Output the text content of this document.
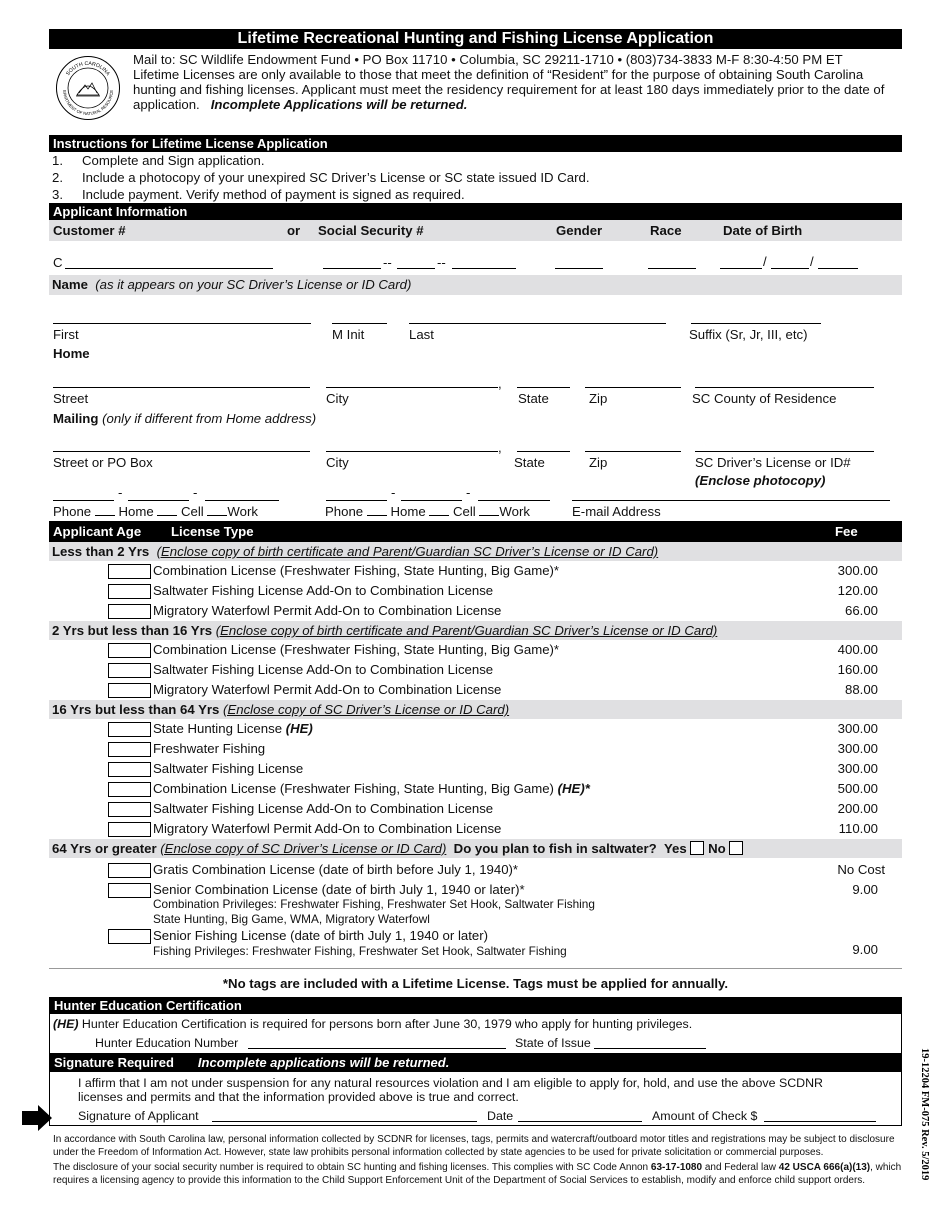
Lifetime Recreational Hunting and Fishing License Application
SOUTH CAROLINA
EPARTMENT OF NATURAL RESOURCE
Mail to: SC Wildlife Endowment Fund • PO Box 11710 • Columbia, SC 29211-1710 • (803)734-3833 M-F 8:30-4:50 PM ET
Lifetime Licenses are only available to those that meet the definition of “Resident” for the purpose of obtaining South Carolina hunting and fishing licenses. Applicant must meet the residency requirement for at least 180 days immediately prior to the date of application. Incomplete Applications will be returned.
Instructions for Lifetime License Application
1. Complete and Sign application.
2. Include a photocopy of your unexpired SC Driver’s License or SC state issued ID Card.
3. Include payment. Verify method of payment is signed as required.
Applicant Information
Customer #	or Social Security #	Gender	Race	Date of Birth
C	--	--	/	/
Name (as it appears on your SC Driver’s License or ID Card)
First	M Init	Last	Suffix (Sr, Jr, III, etc)
Home
,
Street	City	State	Zip	SC County of Residence
Mailing (only if different from Home address)
,
Street or PO Box	City	State	Zip	SC Driver’s License or ID#
(Enclose photocopy)
-	-	-	-
Phone Home Cell Work	Phone Home Cell Work	E-mail Address
Applicant Age License Type	Fee
Less than 2 Yrs (Enclose copy of birth certificate and Parent/Guardian SC Driver’s License or ID Card)
Combination License (Freshwater Fishing, State Hunting, Big Game)*	300.00
Saltwater Fishing License Add-On to Combination License	120.00
Migratory Waterfowl Permit Add-On to Combination License	66.00
2 Yrs but less than 16 Yrs (Enclose copy of birth certificate and Parent/Guardian SC Driver’s License or ID Card)
Combination License (Freshwater Fishing, State Hunting, Big Game)*	400.00
Saltwater Fishing License Add-On to Combination License	160.00
Migratory Waterfowl Permit Add-On to Combination License	88.00
16 Yrs but less than 64 Yrs (Enclose copy of SC Driver’s License or ID Card)
State Hunting License (HE)	300.00
Freshwater Fishing	300.00
Saltwater Fishing License	300.00
Combination License (Freshwater Fishing, State Hunting, Big Game) (HE)*	500.00
Saltwater Fishing License Add-On to Combination License	200.00
Migratory Waterfowl Permit Add-On to Combination License	110.00
64 Yrs or greater (Enclose copy of SC Driver’s License or ID Card) Do you plan to fish in saltwater? Yes No
Gratis Combination License (date of birth before July 1, 1940)*	No Cost
Senior Combination License (date of birth July 1, 1940 or later)*	9.00
Combination Privileges: Freshwater Fishing, Freshwater Set Hook, Saltwater Fishing
State Hunting, Big Game, WMA, Migratory Waterfowl
Senior Fishing License (date of birth July 1, 1940 or later)
Fishing Privileges: Freshwater Fishing, Freshwater Set Hook, Saltwater Fishing	9.00
*No tags are included with a Lifetime License. Tags must be applied for annually.
Hunter Education Certification
(HE) Hunter Education Certification is required for persons born after June 30, 1979 who apply for hunting privileges.
Hunter Education Number	State of Issue
Signature Required Incomplete applications will be returned.
I affirm that I am not under suspension for any natural resources violation and I am eligible to apply for, hold, and use the above SCDNR licenses and permits and that the information provided above is true and correct.
Signature of Applicant	Date	Amount of Check $
In accordance with South Carolina law, personal information collected by SCDNR for licenses, tags, permits and watercraft/outboard motor titles and registrations may be subject to disclosure under the Freedom of Information Act. However, state law prohibits personal information collected by state agencies to be used for private solicitation or commercial purposes.
The disclosure of your social security number is required to obtain SC hunting and fishing licenses. This complies with SC Code Annon 63-17-1080 and Federal law 42 USCA 666(a)(13), which requires a licensing agency to provide this information to the Child Support Enforcement Unit of the Department of Social Services to establish, modify and enforce child support orders.	19-12204 FM-075 Rev. 5/2019
